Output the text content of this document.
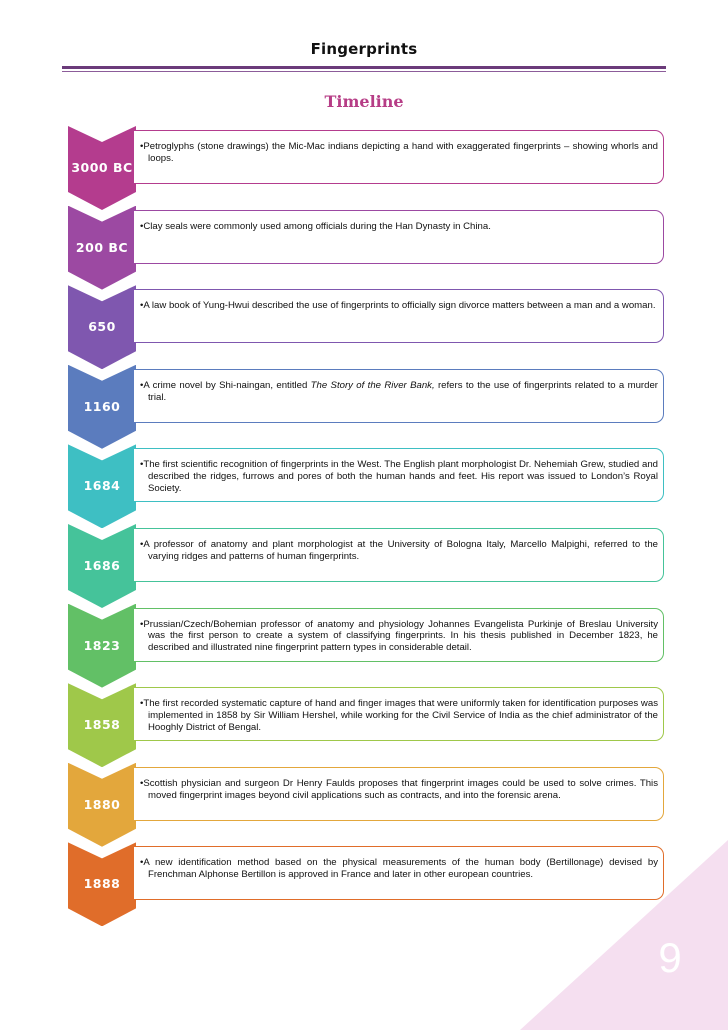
Fingerprints
Timeline
3000 BC
•Petroglyphs (stone drawings) the Mic-Mac indians depicting a hand with exaggerated fingerprints – showing whorls and loops.
200 BC
•Clay seals were commonly used among officials during the Han Dynasty in China.
650
•A law book of Yung-Hwui described the use of fingerprints to officially sign divorce matters between a man and a woman.
1160
•A crime novel by Shi-naingan, entitled The Story of the River Bank, refers to the use of fingerprints related to a murder trial.
1684
•The first scientific recognition of fingerprints in the West. The English plant morphologist Dr. Nehemiah Grew, studied and described the ridges, furrows and pores of both the human hands and feet. His report was issued to London’s Royal Society.
1686
•A professor of anatomy and plant morphologist at the University of Bologna Italy, Marcello Malpighi, referred to the varying ridges and patterns of human fingerprints.
1823
•Prussian/Czech/Bohemian professor of anatomy and physiology Johannes Evangelista Purkinje of Breslau University was the first person to create a system of classifying fingerprints. In his thesis published in December 1823, he described and illustrated nine fingerprint pattern types in considerable detail.
1858
•The first recorded systematic capture of hand and finger images that were uniformly taken for identification purposes was implemented in 1858 by Sir William Hershel, while working for the Civil Service of India as the chief administrator of the Hooghly District of Bengal.
1880
•Scottish physician and surgeon Dr Henry Faulds proposes that fingerprint images could be used to solve crimes. This moved fingerprint images beyond civil applications such as contracts, and into the forensic arena.
1888
•A new identification method based on the physical measurements of the human body (Bertillonage) devised by Frenchman Alphonse Bertillon is approved in France and later in other european countries.
9
